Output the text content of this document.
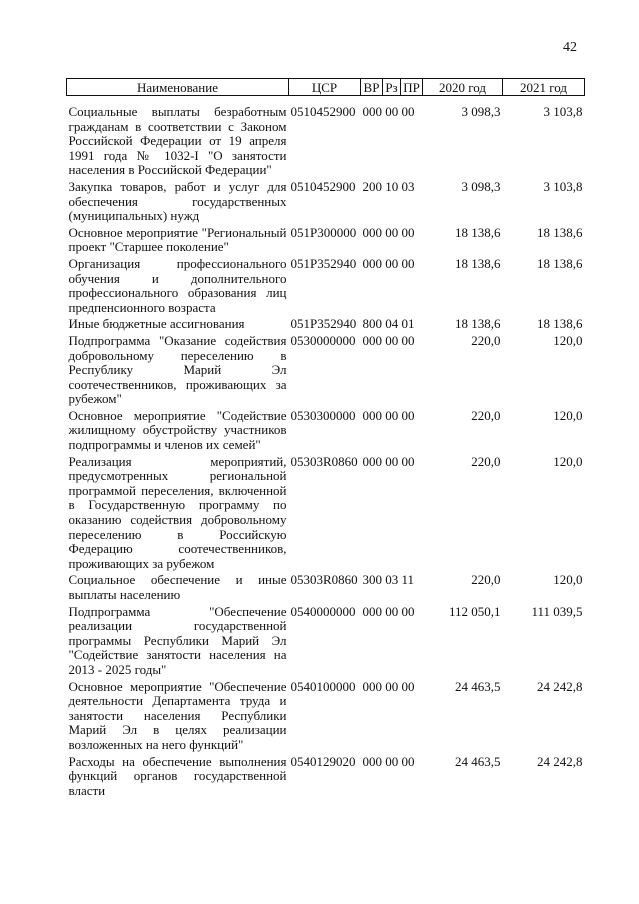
42
Наименование	ЦСР	ВР	Рз	ПР	2020 год	2021 год

Социальные выплаты безработным гражданам в соответствии с Законом Российской Федерации от 19 апреля 1991 года № 1032-I "О занятости населения в Российской Федерации"	0510452900	000 00 00			3 098,3	3 103,8
Закупка товаров, работ и услуг для обеспечения государственных (муниципальных) нужд	0510452900	200 10 03			3 098,3	3 103,8
Основное мероприятие "Региональный проект "Старшее поколение"	051P300000	000 00 00			18 138,6	18 138,6
Организация профессионального обучения и дополнительного профессионального образования лиц предпенсионного возраста	051P352940	000 00 00			18 138,6	18 138,6
Иные бюджетные ассигнования	051P352940	800 04 01			18 138,6	18 138,6
Подпрограмма "Оказание содействия добровольному переселению в Республику Марий Эл соотечественников, проживающих за рубежом"	0530000000	000 00 00			220,0	120,0
Основное мероприятие "Содействие жилищному обустройству участников подпрограммы и членов их семей"	0530300000	000 00 00			220,0	120,0
Реализация мероприятий, предусмотренных региональной программой переселения, включенной в Государственную программу по оказанию содействия добровольному переселению в Российскую Федерацию соотечественников, проживающих за рубежом	05303R0860	000 00 00			220,0	120,0
Социальное обеспечение и иные выплаты населению	05303R0860	300 03 11			220,0	120,0
Подпрограмма "Обеспечение реализации государственной программы Республики Марий Эл "Содействие занятости населения на 2013 - 2025 годы"	0540000000	000 00 00			112 050,1	111 039,5
Основное мероприятие "Обеспечение деятельности Департамента труда и занятости населения Республики Марий Эл в целях реализации возложенных на него функций"	0540100000	000 00 00			24 463,5	24 242,8
Расходы на обеспечение выполнения функций органов государственной власти	0540129020	000 00 00			24 463,5	24 242,8
